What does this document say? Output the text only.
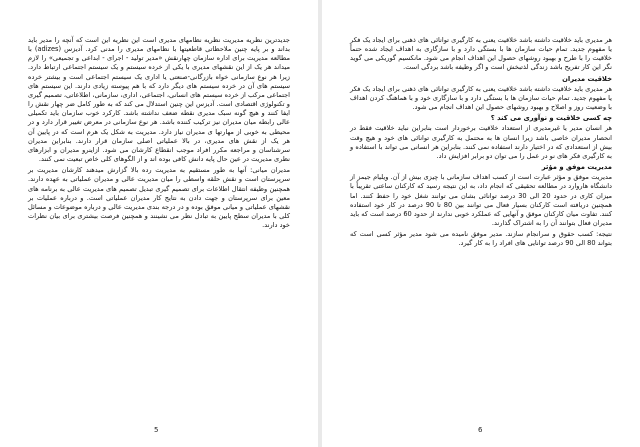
جدیدترین نظریه مدیریت نظریه نظامهای مدیری است این نظریه این است که آنچه را مدیر باید بداند و بر پایه چنین ملاحظاتی قاطعیتها با نظامهای مدیری را مدنی کرد. آدیزس (adizes) با مطالعه مدیریت برای اداره سازمان چهارنقش «مدیر تولید - اجرای - ابداعی و تجمیعی» را لازم میداند هر یک از این نقشهای مدیری با یکی از خرده سیستم و یک سیستم اجتماعی ارتباط دارد. زیرا هر نوع سازمانی خواه بازرگانی-صنعتی یا اداری یک سیستم اجتماعی است و بیشتر خرده سیستم های آن در خرده سیستم های دیگر دارد که با هم پیوسته زیادی دارند. این سیستم های اجتماعی مرکب از خرده سیستم های انسانی، اجتماعی، اداری، سازمانی، اطلاعاتی، تصمیم گیری و تکنولوژی اقتصادی است. آدیزس این چنین استدلال می کند که به طور کامل ضر چهار نقش را ایفا کنند و هیچ گونه سبک مدیری نقطه ضعف نداشته باشد. کارکرد خوب سازمان باید تکمیلی عالی رابطه میان مدیران نیز ترکیب کننده باشد. هر نوع سازمانی در معرض تغییر قرار دارد و در محیطی به خوبی از مهارتها ی مدیران نیاز دارد. مدیریت به شکل یک هرم است که در پایین آن هر یک از نقش های مدیری، در بالا عملیاتی اصلی سازمان قرار دارند. بنابراین مدیران سرشناسان و مراجعه مکرر افراد موجب انقطاع کارشان می شود. ازاینرو مدیران و ابزارهای نظری مدیریت در عین حال پایه دانش کافی بوده اند و از الگوهای کلی خاص تبعیت نمی کنند.

مدیران میانی: آنها به طور مستقیم به مدیریت رده بالا گزارش میدهند کارشان مدیریت بر سرپرستان است و نقش حلقه واسطی را میان مدیریت عالی و مدیران عملیاتی به عهده دارند. همچنین وظیفه انتقال اطلاعات برای تصمیم گیری تبدیل تصمیم های مدیریت عالی به برنامه های معین برای سرپرستان و جهت دادن به نتایج کار مدیران عملیاتی است. و درباره عملیات بر نقشهای عملیاتی و میانی موفق بوده و در درجه بندی مدیریت عالی و درباره موضوعات و مسائل کلی با مدیران سطح پایین به تبادل نظر می نشینند و همچنین فرصت بیشتری برای بیان نظرات خود دارند.

5

هر مدیری باید خلاقیت داشته باشد خلاقیت یعنی به کارگیری توانائی های ذهنی برای ایجاد یک فکر یا مفهوم جدید. تمام حیات سازمان ها با بستگی دارد و با سازگاری به اهداف ایجاد شده حتماً خلاقیت را با طرح و بهبود روشهای حصول این اهداف انجام می شود. مانکسیم گوریکی می گوید نگر این کار تفریح باشد زندگی لذتبخش است و اگر وظیفه باشد بردگی است.

خلاقیت مدیران

هر مدیری باید خلاقیت داشته باشد خلاقیت یعنی به کارگیری توانائی های ذهنی برای ایجاد یک فکر یا مفهوم جدید. تمام حیات سازمان ها با بستگی دارد و با سازگاری خود و با هماهنگ کردن اهداف با وضعیت روز و اصلاح و بهبود روشهای حصول این اهداف انجام می شود.

چه کسی خلاقیت و نوآوری می کند ؟

هر انسان مدیر یا غیرمدیری از استعداد خلاقیت برخوردار است بنابراین نباید خلاقیت فقط در انحصار مدیران خاصی باشد زیرا انسان ها به محتمل به کارگیری توانائی های خود و هیچ وقت بیش از استعدادی که در اختیار دارند استفاده نمی کنند. بنابراین هر انسانی می تواند با استفاده و به کارگیری فکر های نو در عمل را می توان دو برابر افزایش داد.

مدیریت موفق و مؤثر

مدیریت موفق و مؤثر عبارت است از کسب اهداف سازمانی با چیزی بیش از آن. ویلیام جیمز از دانشگاه هاروارد در مطالعه تحقیقی که انجام داد، به این نتیجه رسید که کارکنان ساعتی تقریباً با میزان کاری در حدود 20 الی 30 درصد توانائی بشان می توانند شغل خود را حفظ کنند. اما همچنین دریافته است کارکنان بسیار فعال می توانند بین 80 تا 90 درصد در کار خود استفاده کنند. تفاوت میان کارکنان موفق و آنهایی که عملکرد خوبی ندارند از حدود 60 درصد است که باید مدیران فعال بتوانند آن را به اشتراک گذارند.

نتیجه: کسب حقوق و سرانجام سازند. مدیر موفق نامیده می شود مدیر مؤثر کسی است که بتواند 80 الی 90 درصد توانایی های افراد را به کار گیرد.

6
